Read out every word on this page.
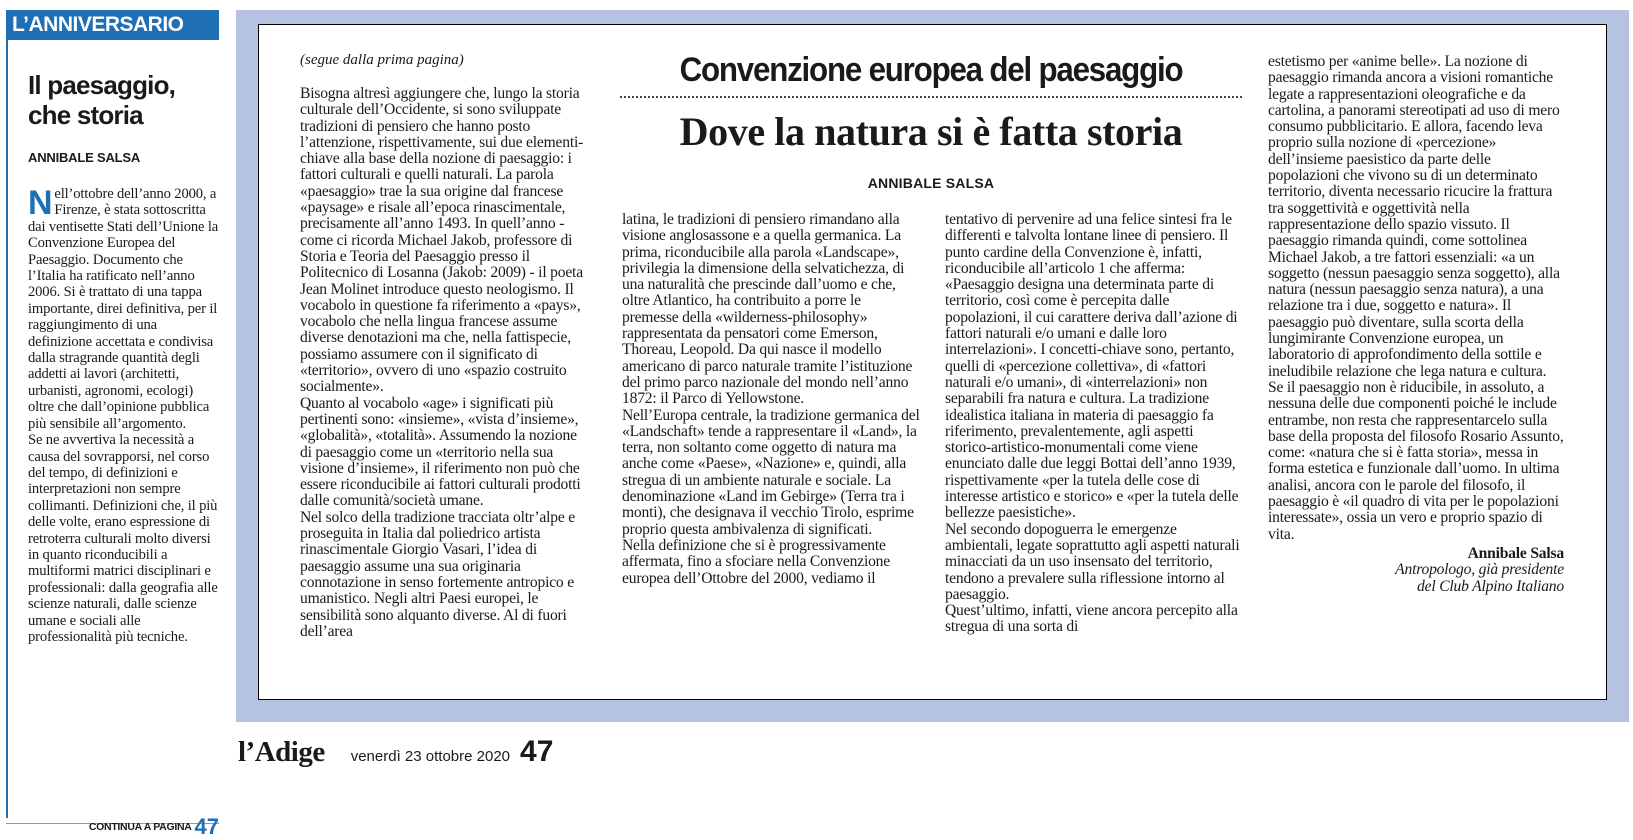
L’ANNIVERSARIO
Il paesaggio, che storia
ANNIBALE SALSA

Nell’ottobre dell’anno 2000, a Firenze, è stata sottoscritta dai ventisette Stati dell’Unione la Convenzione Europea del Paesaggio. Documento che l’Italia ha ratificato nell’anno 2006. Si è trattato di una tappa importante, direi definitiva, per il raggiungimento di una definizione accettata e condivisa dalla stragrande quantità degli addetti ai lavori (architetti, urbanisti, agronomi, ecologi) oltre che dall’opinione pubblica più sensibile all’argomento.

Se ne avvertiva la necessità a causa del sovrapporsi, nel corso del tempo, di definizioni e interpretazioni non sempre collimanti. Definizioni che, il più delle volte, erano espressione di retroterra culturali molto diversi in quanto riconducibili a multiformi matrici disciplinari e professionali: dalla geografia alle scienze naturali, dalle scienze umane e sociali alle professionalità più tecniche.

CONTINUA A PAGINA 47
(segue dalla prima pagina)	Convenzione europea del paesaggio
Dove la natura si è fatta storia
ANNIBALE SALSA

Bisogna altresì aggiungere che, lungo la storia culturale dell’Occidente, si sono sviluppate tradizioni di pensiero che hanno posto l’attenzione, rispettivamente, sui due elementi-chiave alla base della nozione di paesaggio: i fattori culturali e quelli naturali. La parola «paesaggio» trae la sua origine dal francese «paysage» e risale all’epoca rinascimentale, precisamente all’anno 1493. In quell’anno - come ci ricorda Michael Jakob, professore di Storia e Teoria del Paesaggio presso il Politecnico di Losanna (Jakob: 2009) - il poeta Jean Molinet introduce questo neologismo. Il vocabolo in questione fa riferimento a «pays», vocabolo che nella lingua francese assume diverse denotazioni ma che, nella fattispecie, possiamo assumere con il significato di «territorio», ovvero di uno «spazio costruito socialmente».

Quanto al vocabolo «age» i significati più pertinenti sono: «insieme», «vista d’insieme», «globalità», «totalità». Assumendo la nozione di paesaggio come un «territorio nella sua visione d’insieme», il riferimento non può che essere riconducibile ai fattori culturali prodotti dalle comunità/società umane.

Nel solco della tradizione tracciata oltr’alpe e proseguita in Italia dal poliedrico artista rinascimentale Giorgio Vasari, l’idea di paesaggio assume una sua originaria connotazione in senso fortemente antropico e umanistico. Negli altri Paesi europei, le sensibilità sono alquanto diverse. Al di fuori dell’area

latina, le tradizioni di pensiero rimandano alla visione anglosassone e a quella germanica. La prima, riconducibile alla parola «Landscape», privilegia la dimensione della selvatichezza, di una naturalità che prescinde dall’uomo e che, oltre Atlantico, ha contribuito a porre le premesse della «wilderness-philosophy» rappresentata da pensatori come Emerson, Thoreau, Leopold. Da qui nasce il modello americano di parco naturale tramite l’istituzione del primo parco nazionale del mondo nell’anno 1872: il Parco di Yellowstone.

Nell’Europa centrale, la tradizione germanica del «Landschaft» tende a rappresentare il «Land», la terra, non soltanto come oggetto di natura ma anche come «Paese», «Nazione» e, quindi, alla stregua di un ambiente naturale e sociale. La denominazione «Land im Gebirge» (Terra tra i monti), che designava il vecchio Tirolo, esprime proprio questa ambivalenza di significati.

Nella definizione che si è progressivamente affermata, fino a sfociare nella Convenzione europea dell’Ottobre del 2000, vediamo il

tentativo di pervenire ad una felice sintesi fra le differenti e talvolta lontane linee di pensiero. Il punto cardine della Convenzione è, infatti, riconducibile all’articolo 1 che afferma: «Paesaggio designa una determinata parte di territorio, così come è percepita dalle popolazioni, il cui carattere deriva dall’azione di fattori naturali e/o umani e dalle loro interrelazioni». I concetti-chiave sono, pertanto, quelli di «percezione collettiva», di «fattori naturali e/o umani», di «interrelazioni» non separabili fra natura e cultura. La tradizione idealistica italiana in materia di paesaggio fa riferimento, prevalentemente, agli aspetti storico-artistico-monumentali come viene enunciato dalle due leggi Bottai dell’anno 1939, rispettivamente «per la tutela delle cose di interesse artistico e storico» e «per la tutela delle bellezze paesistiche».

Nel secondo dopoguerra le emergenze ambientali, legate soprattutto agli aspetti naturali minacciati da un uso insensato del territorio, tendono a prevalere sulla riflessione intorno al paesaggio.

Quest’ultimo, infatti, viene ancora percepito alla stregua di una sorta di

estetismo per «anime belle». La nozione di paesaggio rimanda ancora a visioni romantiche legate a rappresentazioni oleografiche e da cartolina, a panorami stereotipati ad uso di mero consumo pubblicitario. E allora, facendo leva proprio sulla nozione di «percezione» dell’insieme paesistico da parte delle popolazioni che vivono su di un determinato territorio, diventa necessario ricucire la frattura tra soggettività e oggettività nella rappresentazione dello spazio vissuto. Il paesaggio rimanda quindi, come sottolinea Michael Jakob, a tre fattori essenziali: «a un soggetto (nessun paesaggio senza soggetto), alla natura (nessun paesaggio senza natura), a una relazione tra i due, soggetto e natura». Il paesaggio può diventare, sulla scorta della lungimirante Convenzione europea, un laboratorio di approfondimento della sottile e ineludibile relazione che lega natura e cultura. Se il paesaggio non è riducibile, in assoluto, a nessuna delle due componenti poiché le include entrambe, non resta che rappresentarcelo sulla base della proposta del filosofo Rosario Assunto, come: «natura che si è fatta storia», messa in forma estetica e funzionale dall’uomo. In ultima analisi, ancora con le parole del filosofo, il paesaggio è «il quadro di vita per le popolazioni interessate», ossia un vero e proprio spazio di vita.

Annibale Salsa
Antropologo, già presidente
del Club Alpino Italiano

l’Adige venerdì 23 ottobre 2020 47
